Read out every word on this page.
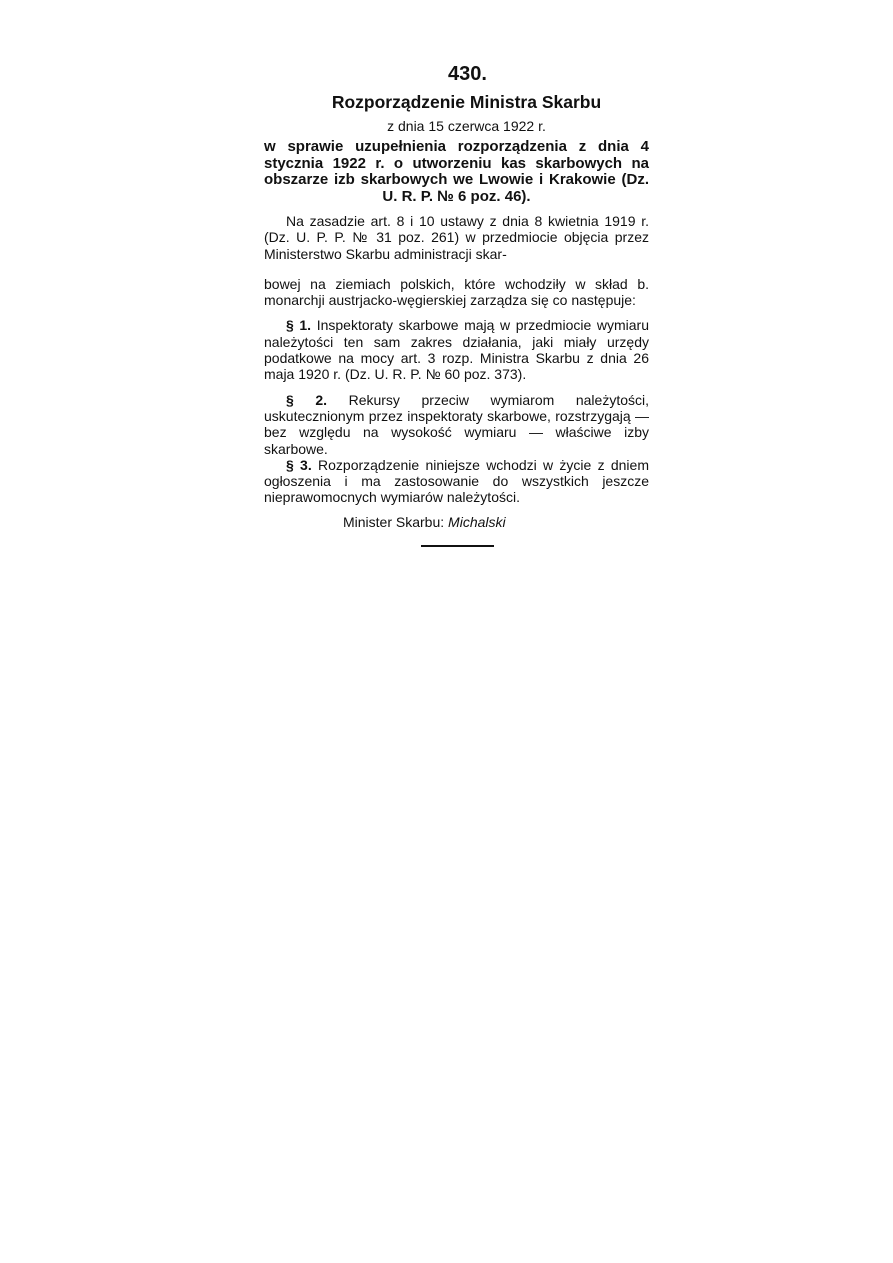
430.
Rozporządzenie Ministra Skarbu
z dnia 15 czerwca 1922 r.
w sprawie uzupełnienia rozporządzenia z dnia 4 stycznia 1922 r. o utworzeniu kas skarbowych na obszarze izb skarbowych we Lwowie i Krakowie (Dz. U. R. P. № 6 poz. 46).

Na zasadzie art. 8 i 10 ustawy z dnia 8 kwietnia 1919 r. (Dz. U. P. P. № 31 poz. 261) w przedmiocie objęcia przez Ministerstwo Skarbu administracji skar-

bowej na ziemiach polskich, które wchodziły w skład b. monarchji austrjacko-węgierskiej zarządza się co następuje:

§ 1. Inspektoraty skarbowe mają w przedmiocie wymiaru należytości ten sam zakres działania, jaki miały urzędy podatkowe na mocy art. 3 rozp. Ministra Skarbu z dnia 26 maja 1920 r. (Dz. U. R. P. № 60 poz. 373).

§ 2. Rekursy przeciw wymiarom należytości, uskutecznionym przez inspektoraty skarbowe, rozstrzygają — bez względu na wysokość wymiaru — właściwe izby skarbowe.

§ 3. Rozporządzenie niniejsze wchodzi w życie z dniem ogłoszenia i ma zastosowanie do wszystkich jeszcze nieprawomocnych wymiarów należytości.

Minister Skarbu: Michalski
